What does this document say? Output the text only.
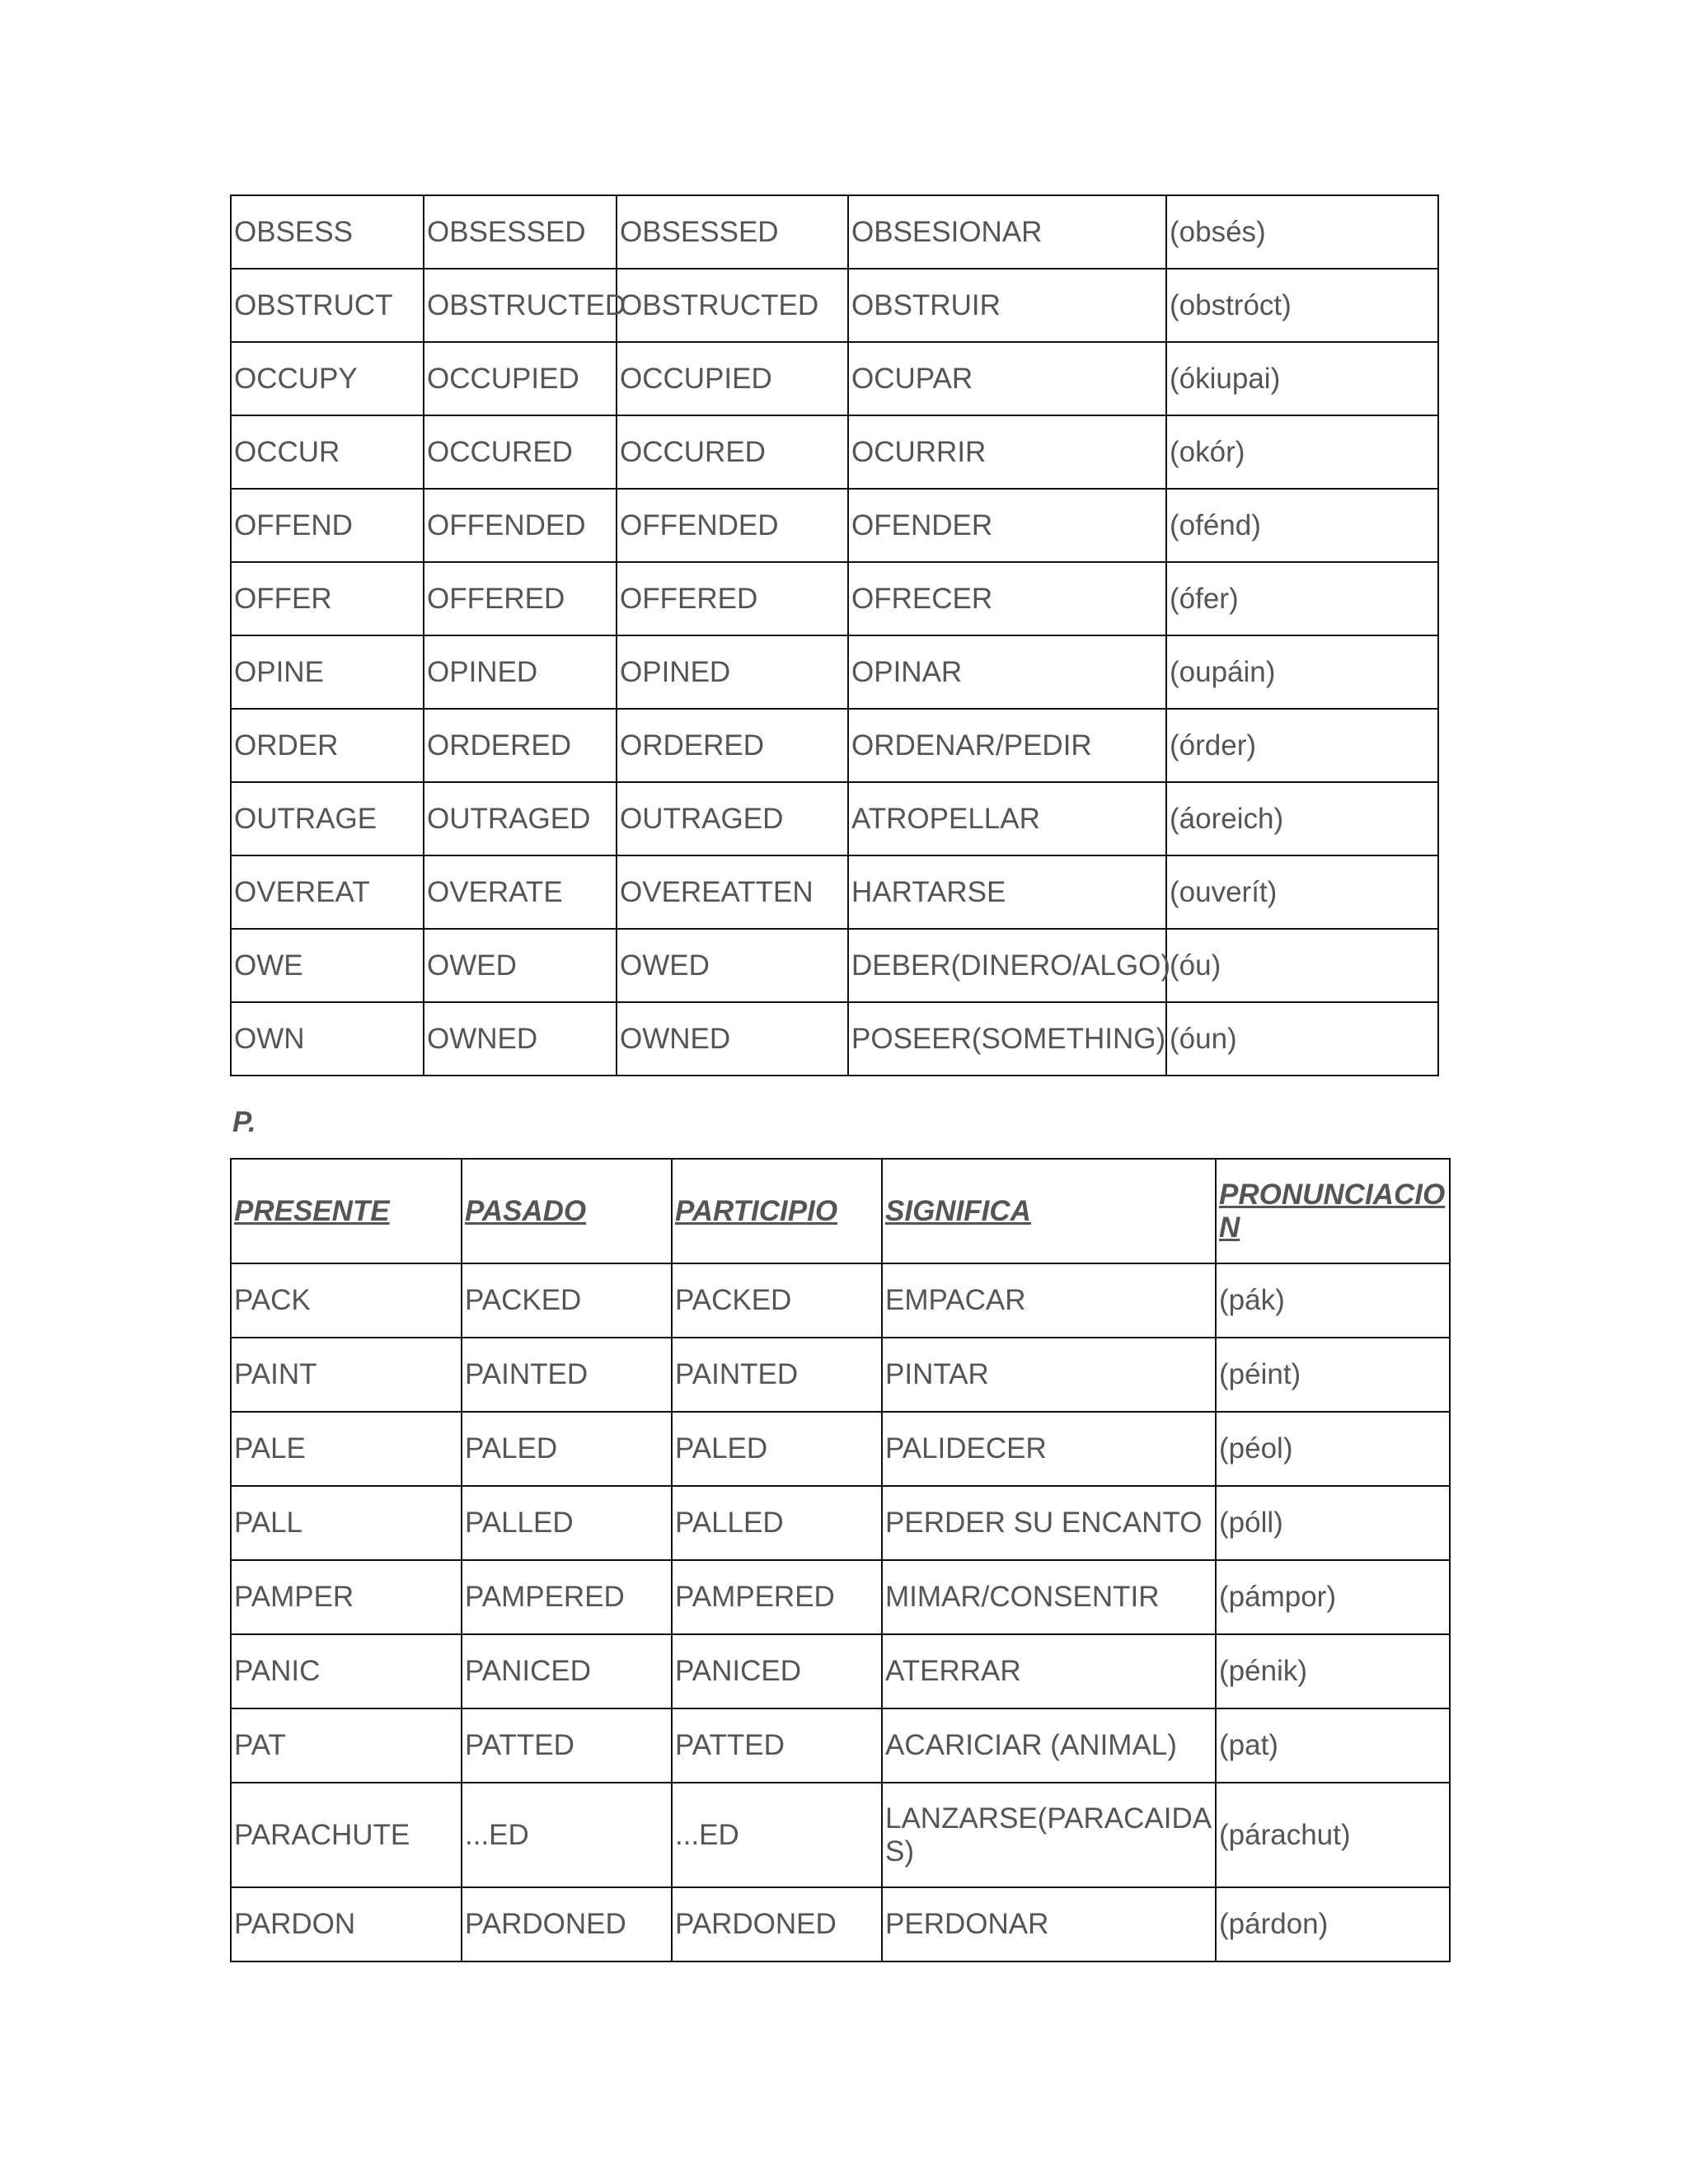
OBSESS	OBSESSED	OBSESSED	OBSESIONAR	(obsés)
OBSTRUCT	OBSTRUCTED	OBSTRUCTED	OBSTRUIR	(obstróct)
OCCUPY	OCCUPIED	OCCUPIED	OCUPAR	(ókiupai)
OCCUR	OCCURED	OCCURED	OCURRIR	(okór)
OFFEND	OFFENDED	OFFENDED	OFENDER	(ofénd)
OFFER	OFFERED	OFFERED	OFRECER	(ófer)
OPINE	OPINED	OPINED	OPINAR	(oupáin)
ORDER	ORDERED	ORDERED	ORDENAR/PEDIR	(órder)
OUTRAGE	OUTRAGED	OUTRAGED	ATROPELLAR	(áoreich)
OVEREAT	OVERATE	OVEREATTEN	HARTARSE	(ouverít)
OWE	OWED	OWED	DEBER(DINERO/ALGO)	(óu)
OWN	OWNED	OWNED	POSEER(SOMETHING)	(óun)
P.
PRESENTE	PASADO	PARTICIPIO	SIGNIFICA	PRONUNCIACION
PACK	PACKED	PACKED	EMPACAR	(pák)
PAINT	PAINTED	PAINTED	PINTAR	(péint)
PALE	PALED	PALED	PALIDECER	(péol)
PALL	PALLED	PALLED	PERDER SU ENCANTO	(póll)
PAMPER	PAMPERED	PAMPERED	MIMAR/CONSENTIR	(pámpor)
PANIC	PANICED	PANICED	ATERRAR	(pénik)
PAT	PATTED	PATTED	ACARICIAR (ANIMAL)	(pat)
PARACHUTE	...ED	...ED	LANZARSE(PARACAIDAS)	(párachut)
PARDON	PARDONED	PARDONED	PERDONAR	(párdon)
